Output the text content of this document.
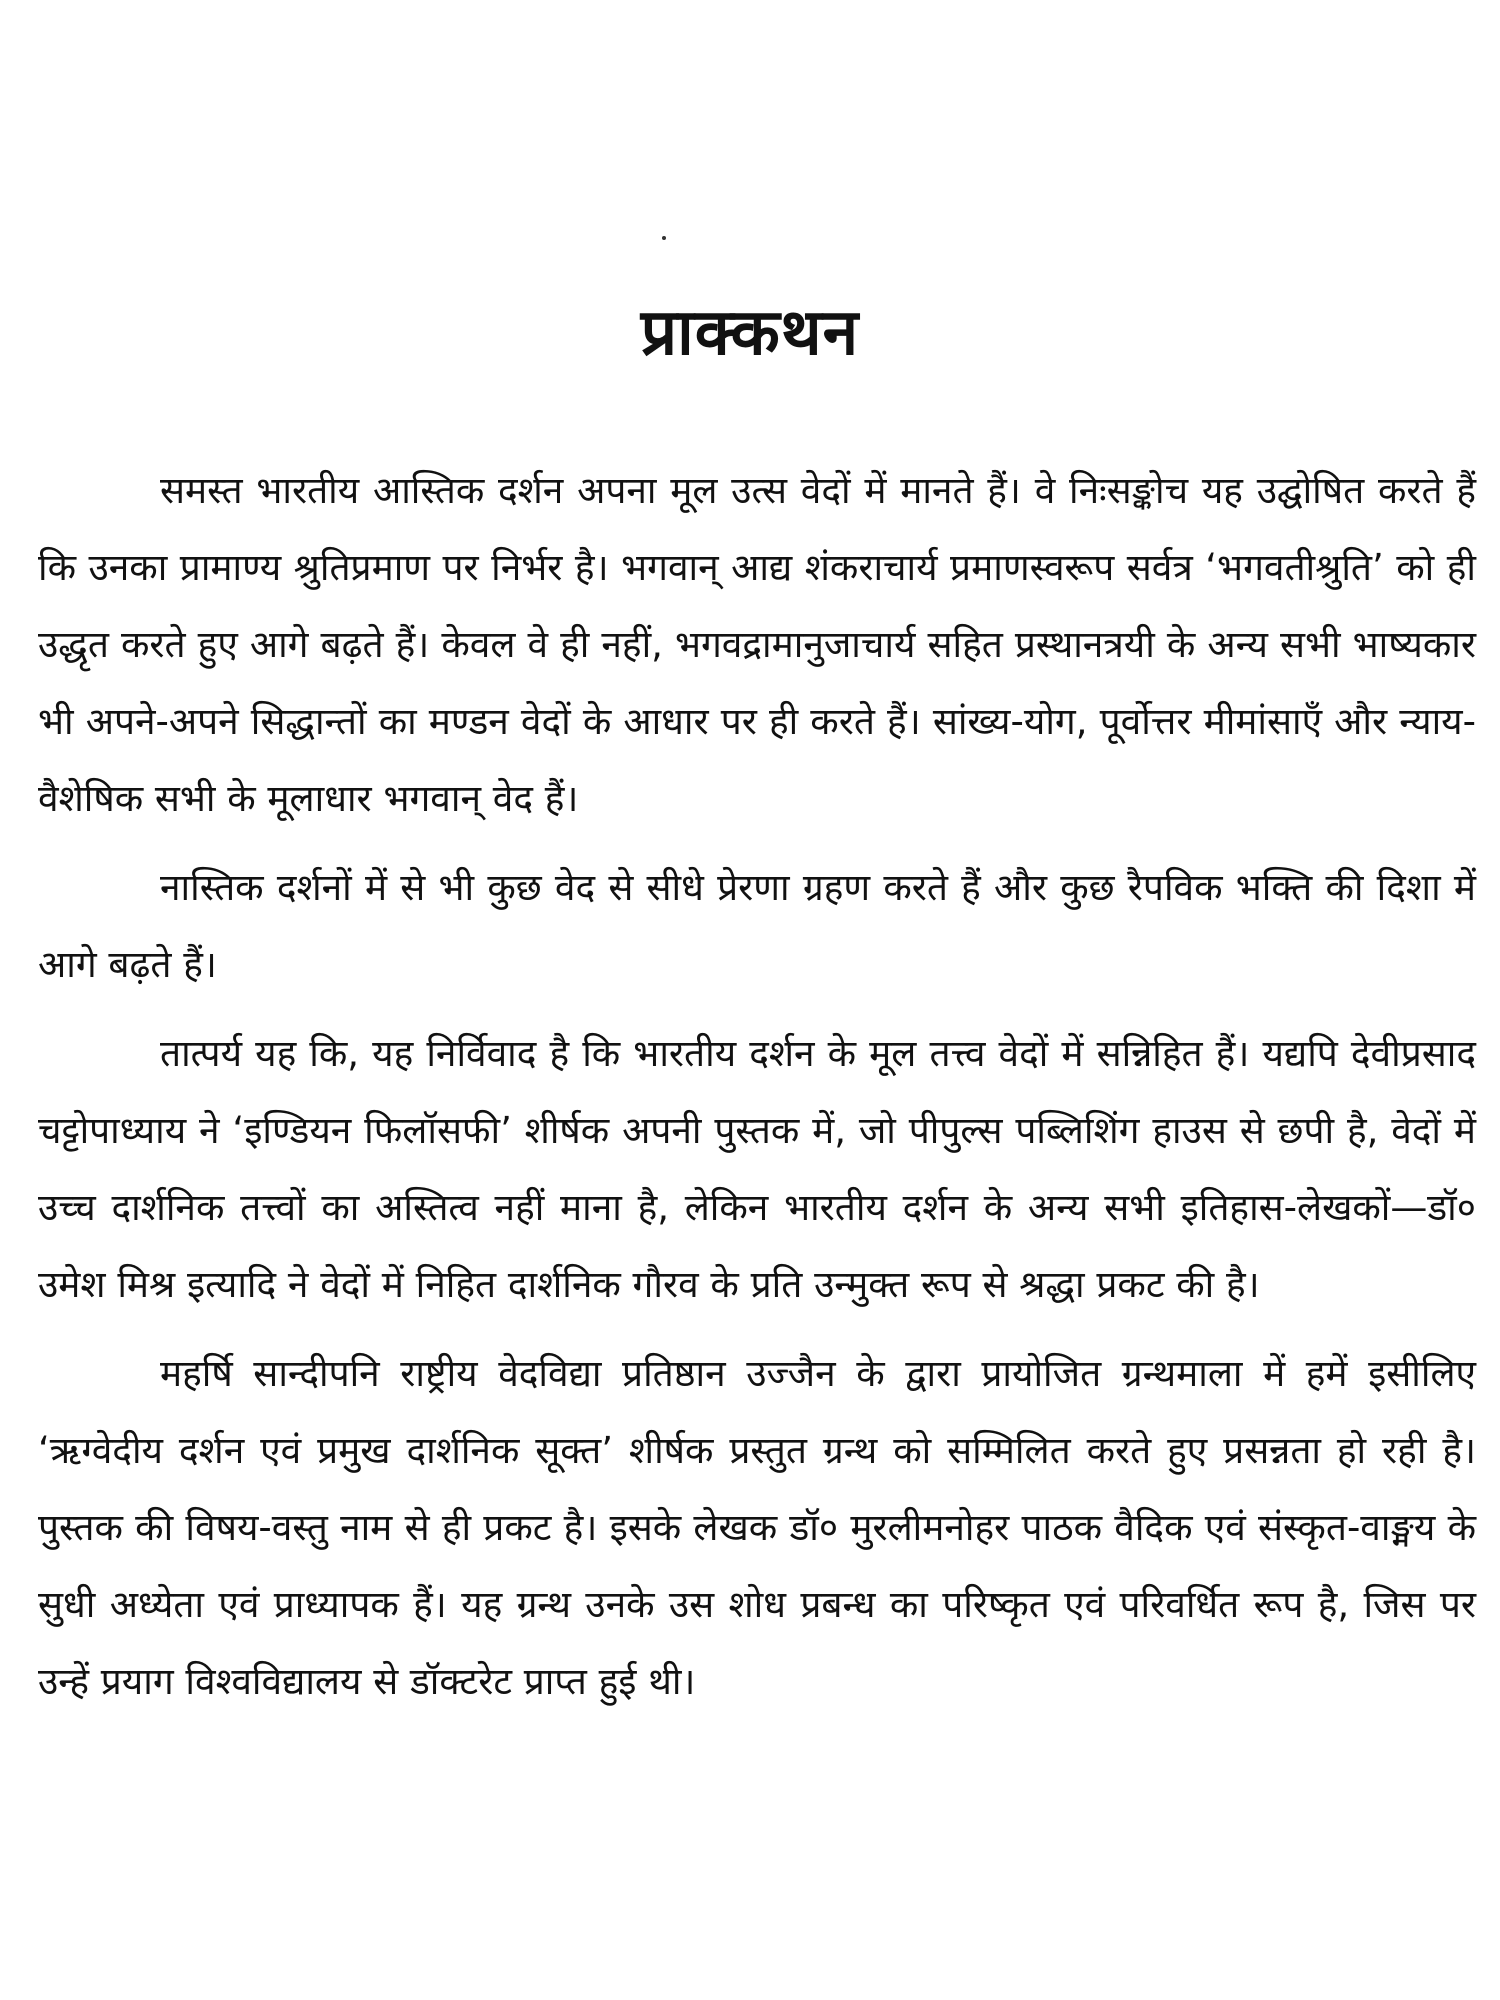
प्राक्कथन

समस्त भारतीय आस्तिक दर्शन अपना मूल उत्स वेदों में मानते हैं। वे निःसङ्कोच यह उद्घोषित करते हैं कि उनका प्रामाण्य श्रुतिप्रमाण पर निर्भर है। भगवान् आद्य शंकराचार्य प्रमाणस्वरूप सर्वत्र ‘भगवतीश्रुति’ को ही उद्धृत करते हुए आगे बढ़ते हैं। केवल वे ही नहीं, भगवद्रामानुजाचार्य सहित प्रस्थानत्रयी के अन्य सभी भाष्यकार भी अपने-अपने सिद्धान्तों का मण्डन वेदों के आधार पर ही करते हैं। सांख्य-योग, पूर्वोत्तर मीमांसाएँ और न्याय-वैशेषिक सभी के मूलाधार भगवान् वेद हैं।

नास्तिक दर्शनों में से भी कुछ वेद से सीधे प्रेरणा ग्रहण करते हैं और कुछ रैपविक भक्ति की दिशा में आगे बढ़ते हैं।

तात्पर्य यह कि, यह निर्विवाद है कि भारतीय दर्शन के मूल तत्त्व वेदों में सन्निहित हैं। यद्यपि देवीप्रसाद चट्टोपाध्याय ने ‘इण्डियन फिलॉसफी’ शीर्षक अपनी पुस्तक में, जो पीपुल्स पब्लिशिंग हाउस से छपी है, वेदों में उच्च दार्शनिक तत्त्वों का अस्तित्व नहीं माना है, लेकिन भारतीय दर्शन के अन्य सभी इतिहास-लेखकों—डॉ० उमेश मिश्र इत्यादि ने वेदों में निहित दार्शनिक गौरव के प्रति उन्मुक्त रूप से श्रद्धा प्रकट की है।

महर्षि सान्दीपनि राष्ट्रीय वेदविद्या प्रतिष्ठान उज्जैन के द्वारा प्रायोजित ग्रन्थमाला में हमें इसीलिए ‘ऋग्वेदीय दर्शन एवं प्रमुख दार्शनिक सूक्त’ शीर्षक प्रस्तुत ग्रन्थ को सम्मिलित करते हुए प्रसन्नता हो रही है। पुस्तक की विषय-वस्तु नाम से ही प्रकट है। इसके लेखक डॉ० मुरलीमनोहर पाठक वैदिक एवं संस्कृत-वाङ्मय के सुधी अध्येता एवं प्राध्यापक हैं। यह ग्रन्थ उनके उस शोध प्रबन्ध का परिष्कृत एवं परिवर्धित रूप है, जिस पर उन्हें प्रयाग विश्वविद्यालय से डॉक्टरेट प्राप्त हुई थी।
